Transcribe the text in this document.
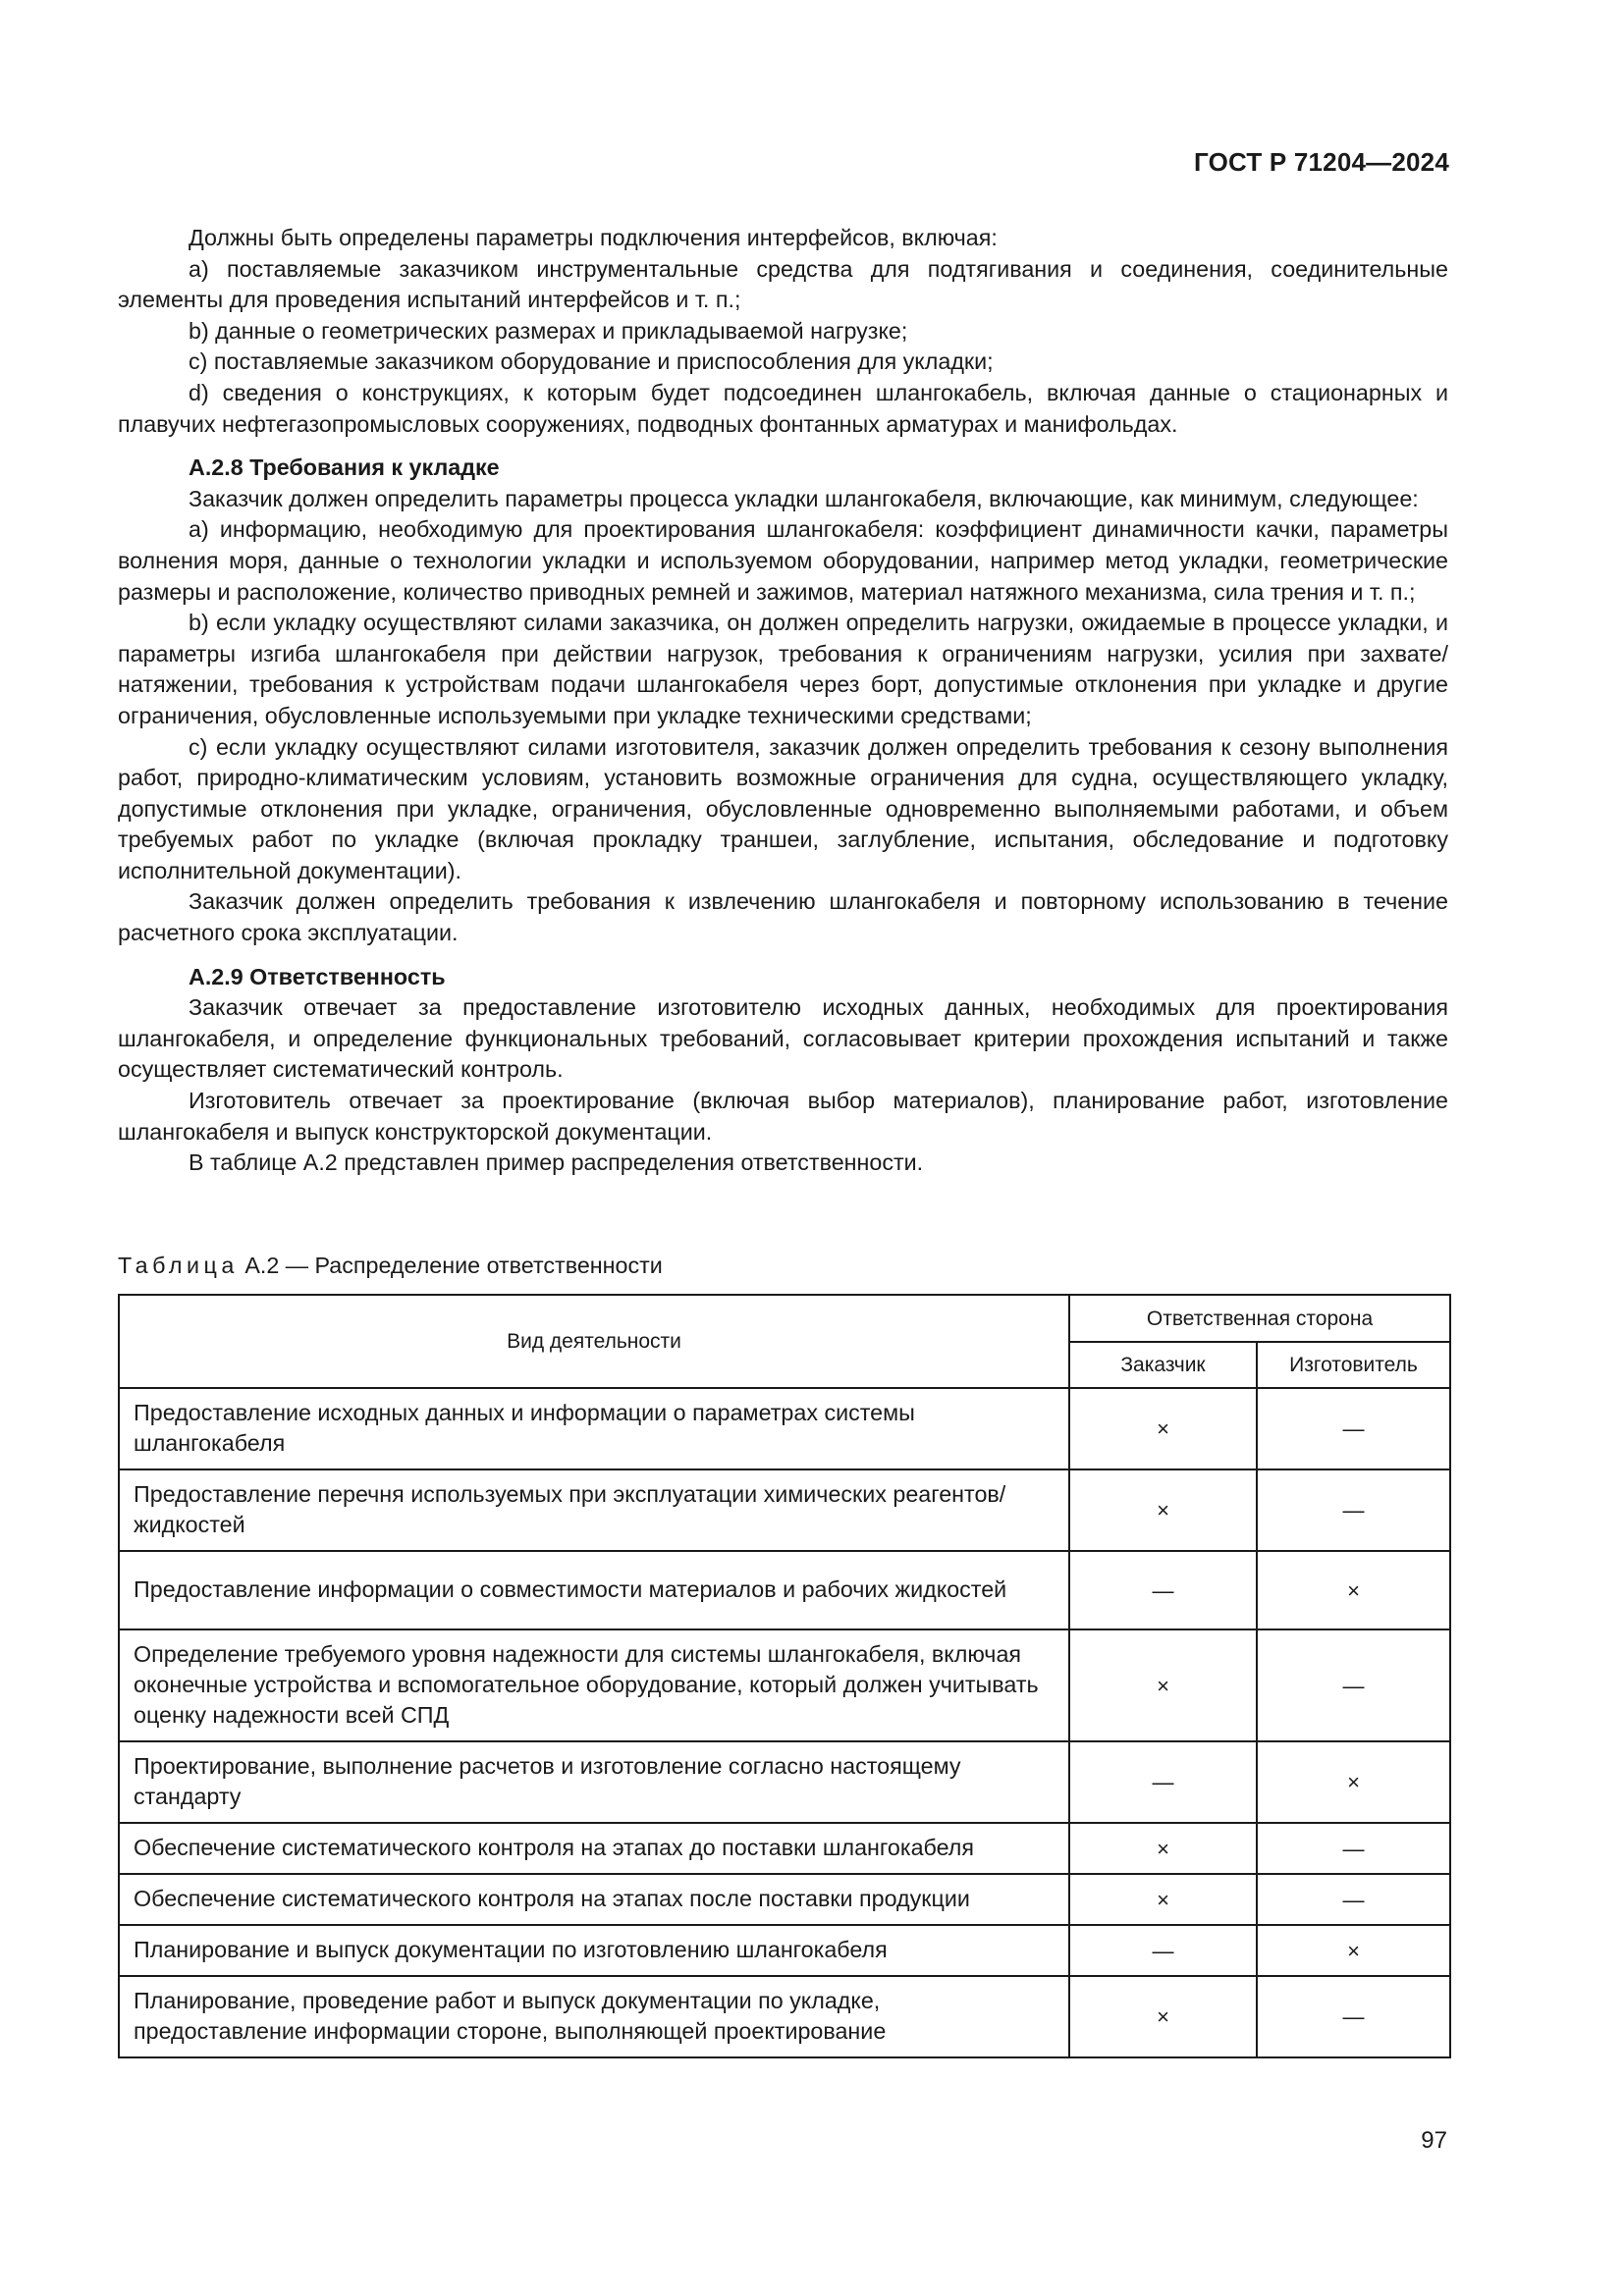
ГОСТ Р 71204—2024

Должны быть определены параметры подключения интерфейсов, включая:

а) поставляемые заказчиком инструментальные средства для подтягивания и соединения, соединительные элементы для проведения испытаний интерфейсов и т. п.;

b) данные о геометрических размерах и прикладываемой нагрузке;

c) поставляемые заказчиком оборудование и приспособления для укладки;

d) сведения о конструкциях, к которым будет подсоединен шлангокабель, включая данные о стационарных и плавучих нефтегазопромысловых сооружениях, подводных фонтанных арматурах и манифольдах.

А.2.8 Требования к укладке

Заказчик должен определить параметры процесса укладки шлангокабеля, включающие, как минимум, следующее:

а) информацию, необходимую для проектирования шлангокабеля: коэффициент динамичности качки, параметры волнения моря, данные о технологии укладки и используемом оборудовании, например метод укладки, геометрические размеры и расположение, количество приводных ремней и зажимов, материал натяжного механизма, сила трения и т. п.;

b) если укладку осуществляют силами заказчика, он должен определить нагрузки, ожидаемые в процессе укладки, и параметры изгиба шлангокабеля при действии нагрузок, требования к ограничениям нагрузки, усилия при захвате/натяжении, требования к устройствам подачи шлангокабеля через борт, допустимые отклонения при укладке и другие ограничения, обусловленные используемыми при укладке техническими средствами;

c) если укладку осуществляют силами изготовителя, заказчик должен определить требования к сезону выполнения работ, природно-климатическим условиям, установить возможные ограничения для судна, осуществляющего укладку, допустимые отклонения при укладке, ограничения, обусловленные одновременно выполняемыми работами, и объем требуемых работ по укладке (включая прокладку траншеи, заглубление, испытания, обследование и подготовку исполнительной документации).

Заказчик должен определить требования к извлечению шлангокабеля и повторному использованию в течение расчетного срока эксплуатации.

А.2.9 Ответственность

Заказчик отвечает за предоставление изготовителю исходных данных, необходимых для проектирования шлангокабеля, и определение функциональных требований, согласовывает критерии прохождения испытаний и также осуществляет систематический контроль.

Изготовитель отвечает за проектирование (включая выбор материалов), планирование работ, изготовление шлангокабеля и выпуск конструкторской документации.

В таблице А.2 представлен пример распределения ответственности.

Таблица А.2 — Распределение ответственности
Вид деятельности	Ответственная сторона	
	Заказчик	Изготовитель
Предоставление исходных данных и информации о параметрах системы шлангокабеля	×	—
Предоставление перечня используемых при эксплуатации химических реагентов/жидкостей	×	—
Предоставление информации о совместимости материалов и рабочих жидкостей	—	×
Определение требуемого уровня надежности для системы шлангокабеля, включая оконечные устройства и вспомогательное оборудование, который должен учитывать оценку надежности всей СПД	×	—
Проектирование, выполнение расчетов и изготовление согласно настоящему стандарту	—	×
Обеспечение систематического контроля на этапах до поставки шлангокабеля	×	—
Обеспечение систематического контроля на этапах после поставки продукции	×	—
Планирование и выпуск документации по изготовлению шлангокабеля	—	×
Планирование, проведение работ и выпуск документации по укладке, предоставление информации стороне, выполняющей проектирование	×	—
97
